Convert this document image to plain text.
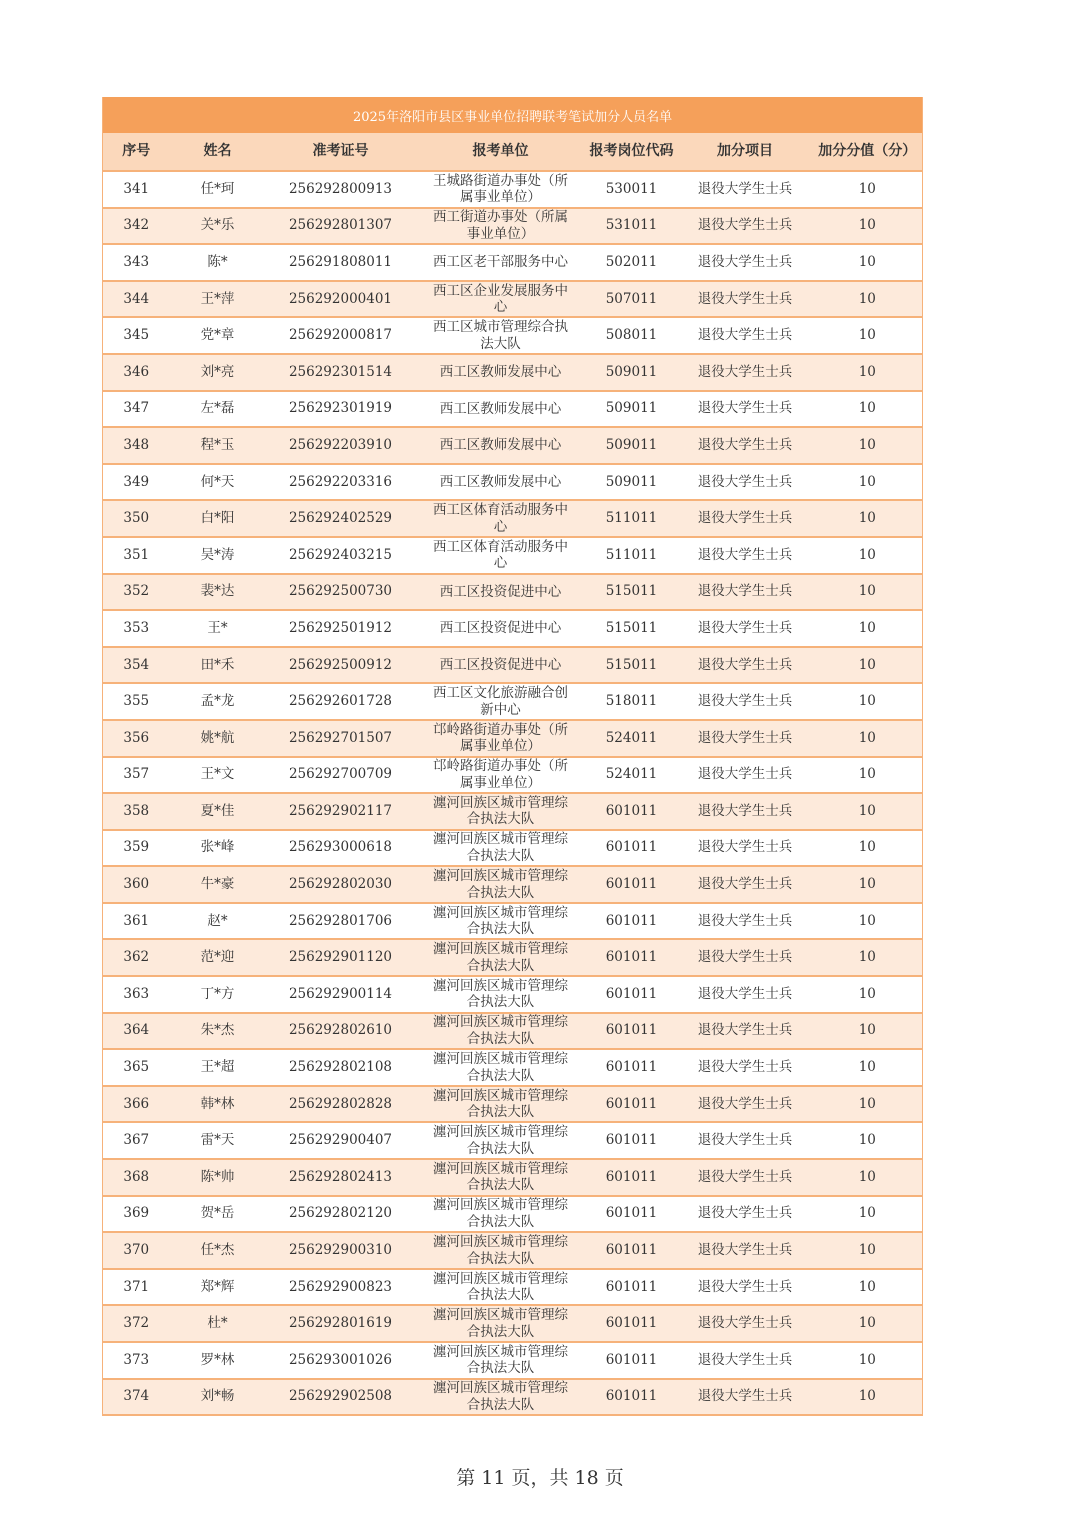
2025年洛阳市县区事业单位招聘联考笔试加分人员名单						
序号	姓名	准考证号	报考单位	报考岗位代码	加分项目	加分分值（分）
341	任*珂	256292800913	王城路街道办事处（所属事业单位）	530011	退役大学生士兵	10
342	关*乐	256292801307	西工街道办事处（所属事业单位）	531011	退役大学生士兵	10
343	陈*	256291808011	西工区老干部服务中心	502011	退役大学生士兵	10
344	王*萍	256292000401	西工区企业发展服务中心	507011	退役大学生士兵	10
345	党*章	256292000817	西工区城市管理综合执法大队	508011	退役大学生士兵	10
346	刘*亮	256292301514	西工区教师发展中心	509011	退役大学生士兵	10
347	左*磊	256292301919	西工区教师发展中心	509011	退役大学生士兵	10
348	程*玉	256292203910	西工区教师发展中心	509011	退役大学生士兵	10
349	何*天	256292203316	西工区教师发展中心	509011	退役大学生士兵	10
350	白*阳	256292402529	西工区体育活动服务中心	511011	退役大学生士兵	10
351	吴*涛	256292403215	西工区体育活动服务中心	511011	退役大学生士兵	10
352	裴*达	256292500730	西工区投资促进中心	515011	退役大学生士兵	10
353	王*	256292501912	西工区投资促进中心	515011	退役大学生士兵	10
354	田*禾	256292500912	西工区投资促进中心	515011	退役大学生士兵	10
355	孟*龙	256292601728	西工区文化旅游融合创新中心	518011	退役大学生士兵	10
356	姚*航	256292701507	邙岭路街道办事处（所属事业单位）	524011	退役大学生士兵	10
357	王*文	256292700709	邙岭路街道办事处（所属事业单位）	524011	退役大学生士兵	10
358	夏*佳	256292902117	瀍河回族区城市管理综合执法大队	601011	退役大学生士兵	10
359	张*峰	256293000618	瀍河回族区城市管理综合执法大队	601011	退役大学生士兵	10
360	牛*豪	256292802030	瀍河回族区城市管理综合执法大队	601011	退役大学生士兵	10
361	赵*	256292801706	瀍河回族区城市管理综合执法大队	601011	退役大学生士兵	10
362	范*迎	256292901120	瀍河回族区城市管理综合执法大队	601011	退役大学生士兵	10
363	丁*方	256292900114	瀍河回族区城市管理综合执法大队	601011	退役大学生士兵	10
364	朱*杰	256292802610	瀍河回族区城市管理综合执法大队	601011	退役大学生士兵	10
365	王*超	256292802108	瀍河回族区城市管理综合执法大队	601011	退役大学生士兵	10
366	韩*林	256292802828	瀍河回族区城市管理综合执法大队	601011	退役大学生士兵	10
367	雷*天	256292900407	瀍河回族区城市管理综合执法大队	601011	退役大学生士兵	10
368	陈*帅	256292802413	瀍河回族区城市管理综合执法大队	601011	退役大学生士兵	10
369	贺*岳	256292802120	瀍河回族区城市管理综合执法大队	601011	退役大学生士兵	10
370	任*杰	256292900310	瀍河回族区城市管理综合执法大队	601011	退役大学生士兵	10
371	郑*辉	256292900823	瀍河回族区城市管理综合执法大队	601011	退役大学生士兵	10
372	杜*	256292801619	瀍河回族区城市管理综合执法大队	601011	退役大学生士兵	10
373	罗*林	256293001026	瀍河回族区城市管理综合执法大队	601011	退役大学生士兵	10
374	刘*畅	256292902508	瀍河回族区城市管理综合执法大队	601011	退役大学生士兵	10
第 11 页，共 18 页
